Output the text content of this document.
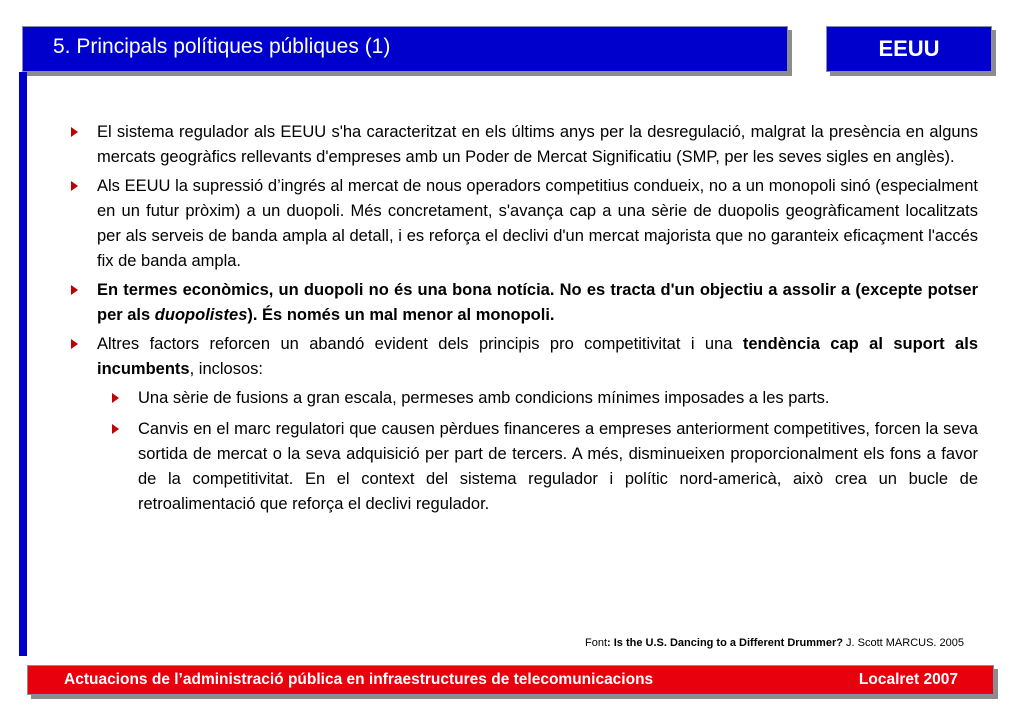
5. Principals polítiques públiques (1)	EEUU
El sistema regulador als EEUU s'ha caracteritzat en els últims anys per la desregulació, malgrat la presència en alguns mercats geogràfics rellevants d'empreses amb un Poder de Mercat Significatiu (SMP, per les seves sigles en anglès).
Als EEUU la supressió d’ingrés al mercat de nous operadors competitius condueix, no a un monopoli sinó (especialment en un futur pròxim) a un duopoli. Més concretament, s'avança cap a una sèrie de duopolis geogràficament localitzats per als serveis de banda ampla al detall, i es reforça el declivi d'un mercat majorista que no garanteix eficaçment l'accés fix de banda ampla.
En termes econòmics, un duopoli no és una bona notícia. No es tracta d'un objectiu a assolir a (excepte potser per als duopolistes). És només un mal menor al monopoli.
Altres factors reforcen un abandó evident dels principis pro competitivitat i una tendència cap al suport als incumbents, inclosos:
Una sèrie de fusions a gran escala, permeses amb condicions mínimes imposades a les parts.
Canvis en el marc regulatori que causen pèrdues financeres a empreses anteriorment competitives, forcen la seva sortida de mercat o la seva adquisició per part de tercers. A més, disminueixen proporcionalment els fons a favor de la competitivitat. En el context del sistema regulador i polític nord-americà, això crea un bucle de retroalimentació que reforça el declivi regulador.
Font: Is the U.S. Dancing to a Different Drummer? J. Scott MARCUS. 2005
Actuacions de l’administració pública en infraestructures de telecomunicacions	Localret 2007
